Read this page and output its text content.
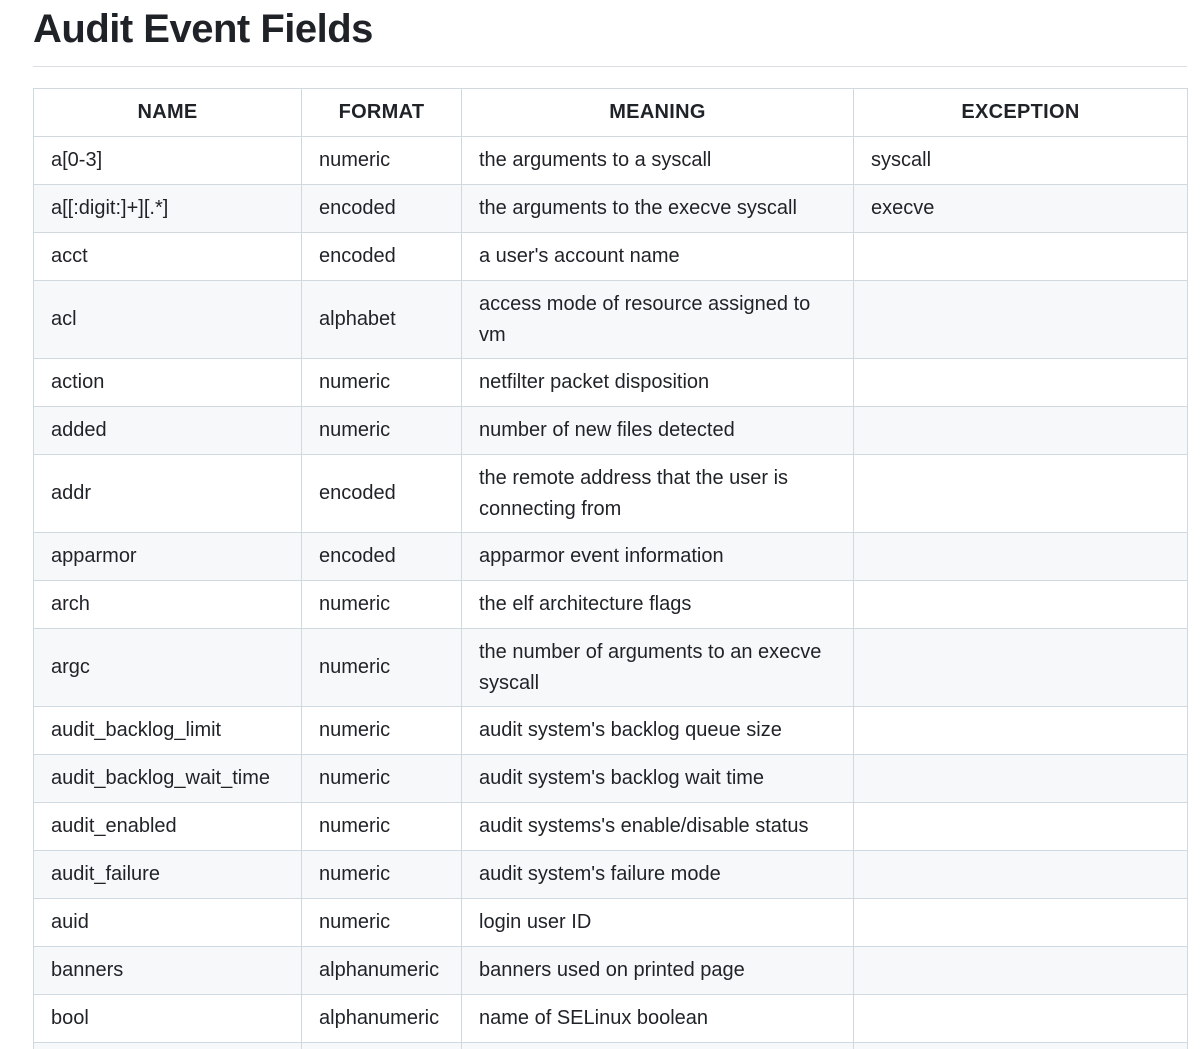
Audit Event Fields
NAME	FORMAT	MEANING	EXCEPTION
a[0-3]	numeric	the arguments to a syscall	syscall
a[[:digit:]+][.*]	encoded	the arguments to the execve syscall	execve
acct	encoded	a user's account name	
acl	alphabet	access mode of resource assigned to vm	
action	numeric	netfilter packet disposition	
added	numeric	number of new files detected	
addr	encoded	the remote address that the user is connecting from	
apparmor	encoded	apparmor event information	
arch	numeric	the elf architecture flags	
argc	numeric	the number of arguments to an execve syscall	
audit_backlog_limit	numeric	audit system's backlog queue size	
audit_backlog_wait_time	numeric	audit system's backlog wait time	
audit_enabled	numeric	audit systems's enable/disable status	
audit_failure	numeric	audit system's failure mode	
auid	numeric	login user ID	
banners	alphanumeric	banners used on printed page	
bool	alphanumeric	name of SELinux boolean	
